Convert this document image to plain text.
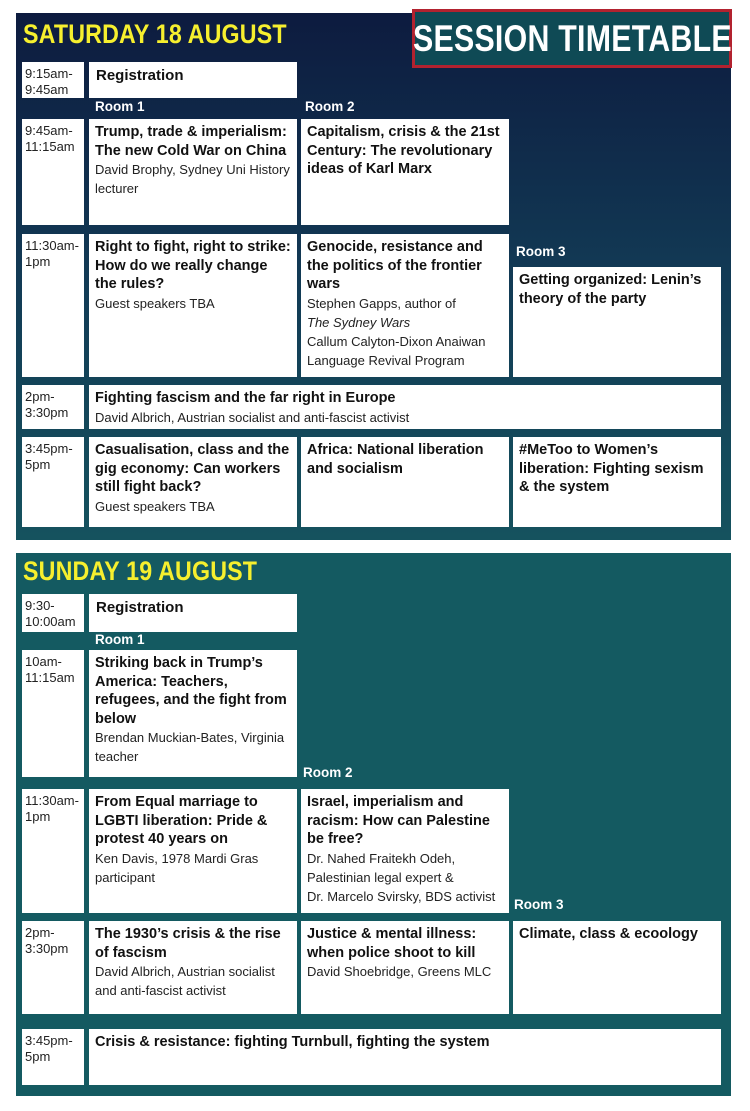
SATURDAY 18 AUGUST	SESSION TIMETABLE
9:15am-9:45am
Registration
Room 1	Room 2
9:45am-11:15am
Trump, trade & imperialism: The new Cold War on China
David Brophy, Sydney Uni History lecturer
Capitalism, crisis & the 21st Century: The revolutionary ideas of Karl Marx
11:30am-1pm
Right to fight, right to strike: How do we really change the rules?
Guest speakers TBA
Genocide, resistance and the politics of the frontier wars
Stephen Gapps, author of
The Sydney Wars
Callum Calyton-Dixon Anaiwan Language Revival Program
Room 3
Getting organized: Lenin’s theory of the party
2pm-3:30pm
Fighting fascism and the far right in Europe
David Albrich, Austrian socialist and anti-fascist activist
3:45pm-5pm
Casualisation, class and the gig economy: Can workers still fight back?
Guest speakers TBA
Africa: National liberation and socialism
#MeToo to Women’s liberation: Fighting sexism & the system
SUNDAY 19 AUGUST
9:30-10:00am
Registration
Room 1
10am-11:15am
Striking back in Trump’s America: Teachers, refugees, and the fight from below
Brendan Muckian-Bates, Virginia teacher
Room 2
11:30am-1pm
From Equal marriage to LGBTI liberation: Pride & protest 40 years on
Ken Davis, 1978 Mardi Gras participant
Israel, imperialism and racism: How can Palestine be free?
Dr. Nahed Fraitekh Odeh, Palestinian legal expert &
Dr. Marcelo Svirsky, BDS activist
Room 3
2pm-3:30pm
The 1930’s crisis & the rise of fascism
David Albrich, Austrian socialist and anti-fascist activist
Justice & mental illness: when police shoot to kill
David Shoebridge, Greens MLC
Climate, class & ecoology
3:45pm-5pm
Crisis & resistance: fighting Turnbull, fighting the system
